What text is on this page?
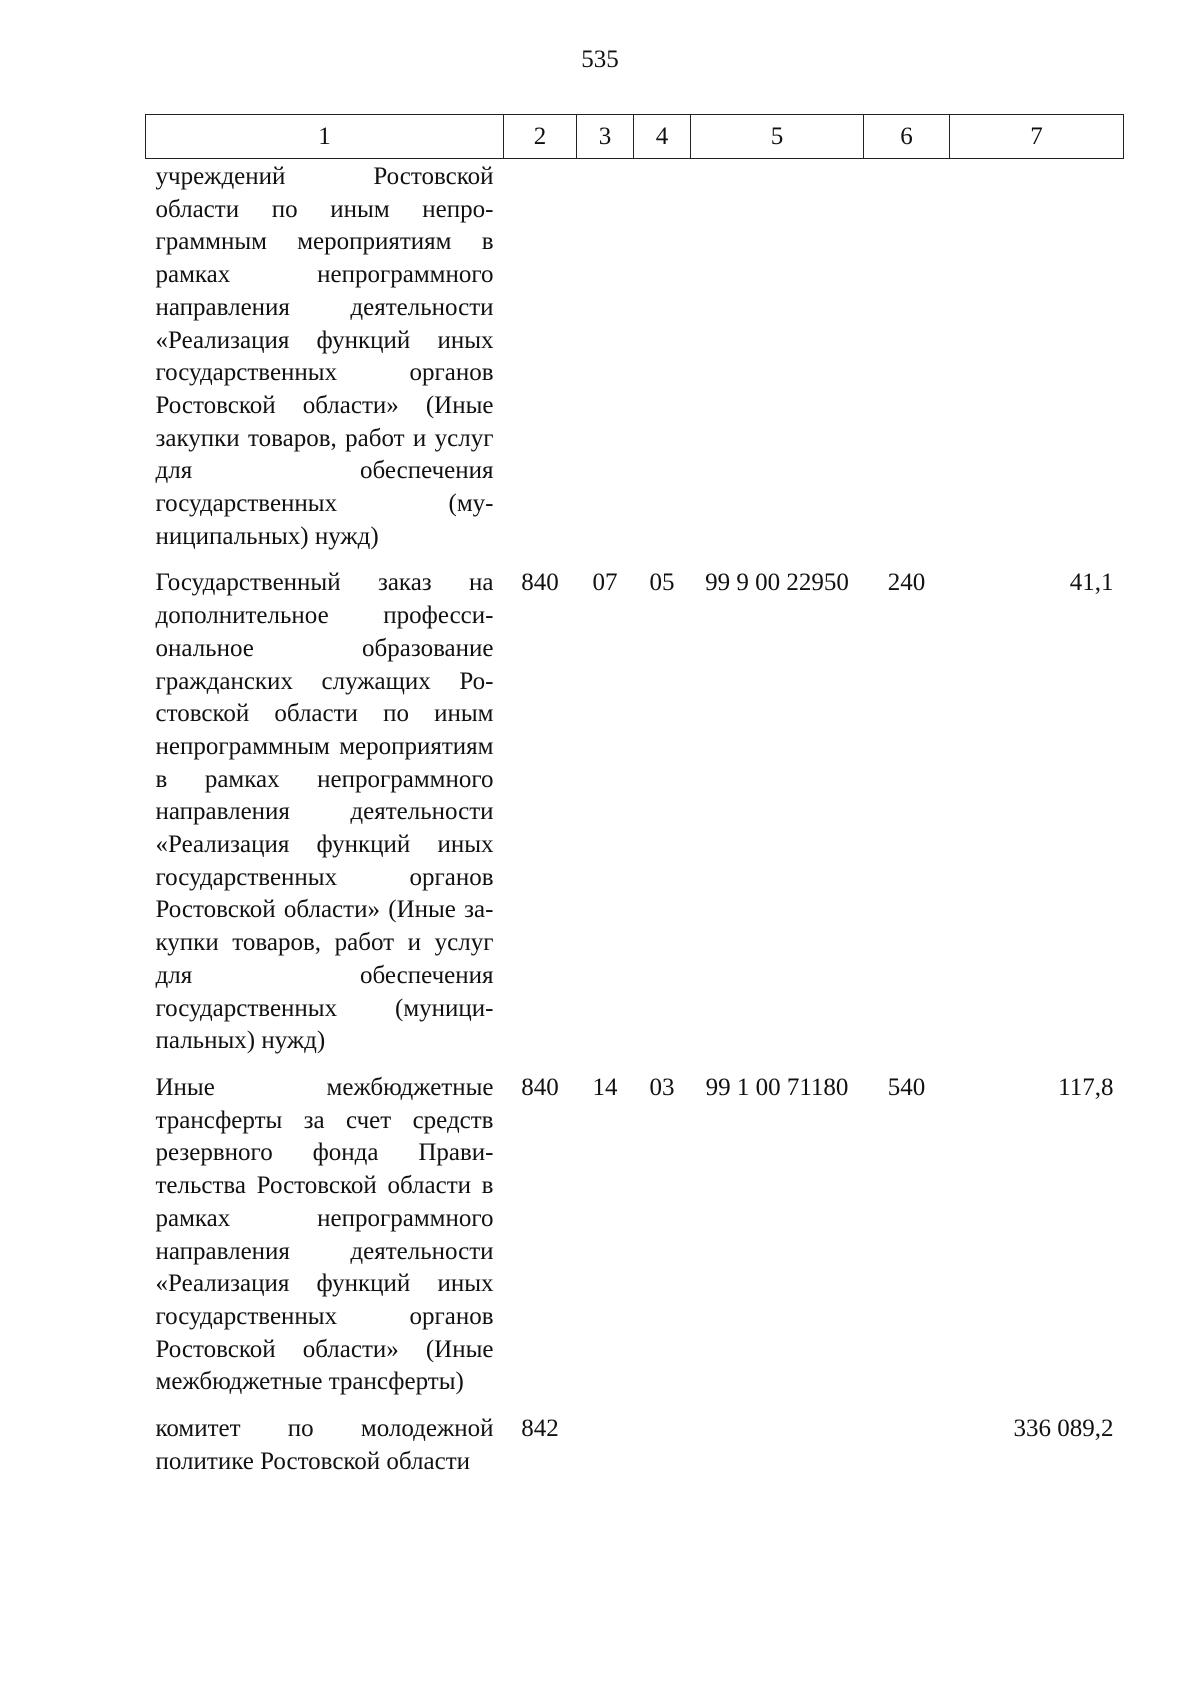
535
1	2	3	4	5	6	7
учреждений Ростовской области по иным непрограммным мероприятиям в рамках непрограммного направления деятельности «Реализация функций иных государственных органов Ростовской области» (Иные закупки товаров, работ и услуг для обеспечения государственных (муниципальных) нужд)						
Государственный заказ на дополнительное профессиональное образование гражданских служащих Ростовской области по иным непрограммным мероприятиям в рамках непрограммного направления деятельности «Реализация функций иных государственных органов Ростовской области» (Иные закупки товаров, работ и услуг для обеспечения государственных (муниципальных) нужд)	840	07	05	99 9 00 22950	240	41,1
Иные межбюджетные трансферты за счет средств резервного фонда Правительства Ростовской области в рамках непрограммного направления деятельности «Реализация функций иных государственных органов Ростовской области» (Иные межбюджетные трансферты)	840	14	03	99 1 00 71180	540	117,8
комитет по молодежной политике Ростовской области	842					336 089,2
